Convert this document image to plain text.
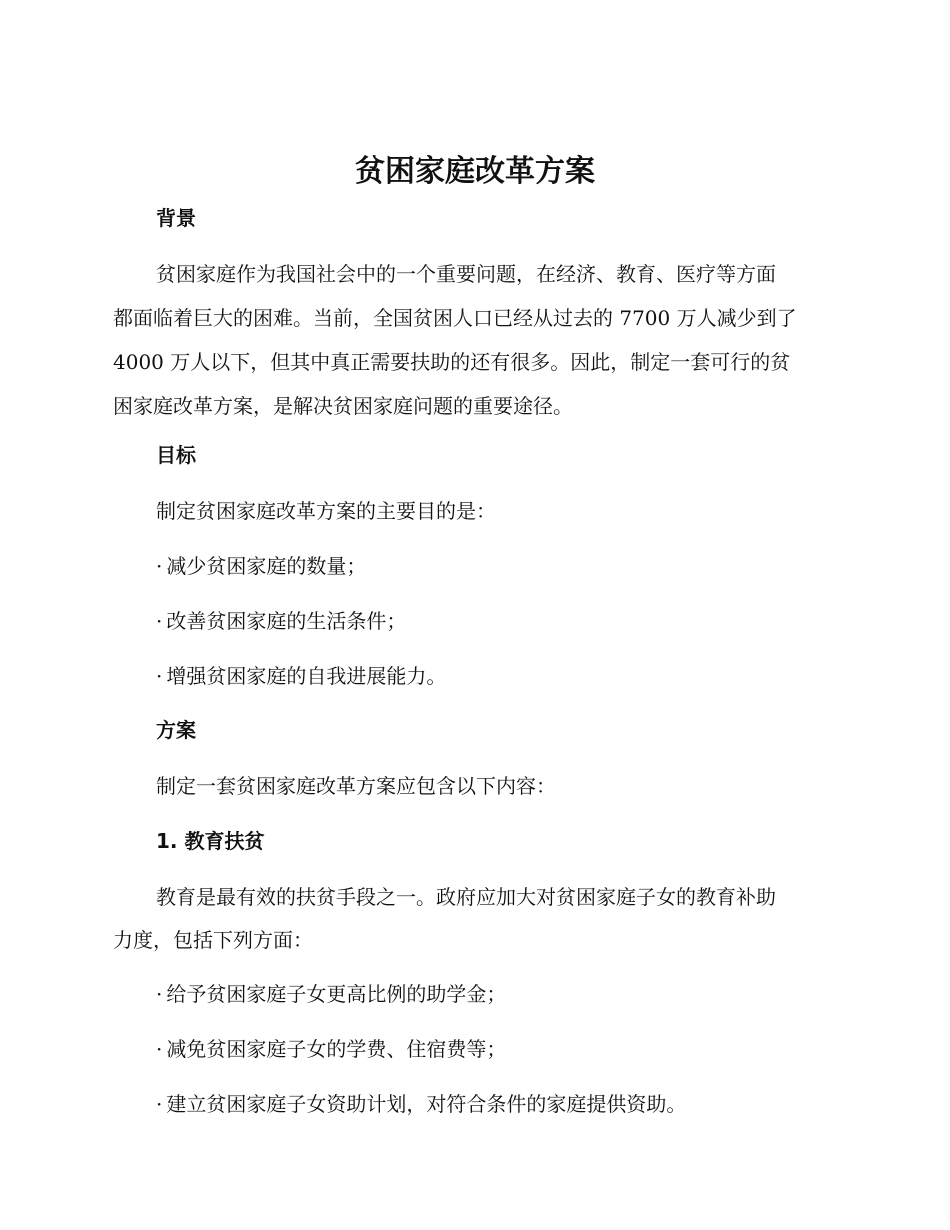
贫困家庭改革方案
背景
贫困家庭作为我国社会中的一个重要问题，在经济、教育、医疗等方面
都面临着巨大的困难。当前，全国贫困人口已经从过去的 7700 万人减少到了
4000 万人以下，但其中真正需要扶助的还有很多。因此，制定一套可行的贫
困家庭改革方案，是解决贫困家庭问题的重要途径。
目标
制定贫困家庭改革方案的主要目的是：
· 减少贫困家庭的数量；
· 改善贫困家庭的生活条件；
· 增强贫困家庭的自我进展能力。
方案
制定一套贫困家庭改革方案应包含以下内容：
1. 教育扶贫
教育是最有效的扶贫手段之一。政府应加大对贫困家庭子女的教育补助
力度，包括下列方面：
· 给予贫困家庭子女更高比例的助学金；
· 减免贫困家庭子女的学费、住宿费等；
· 建立贫困家庭子女资助计划，对符合条件的家庭提供资助。
